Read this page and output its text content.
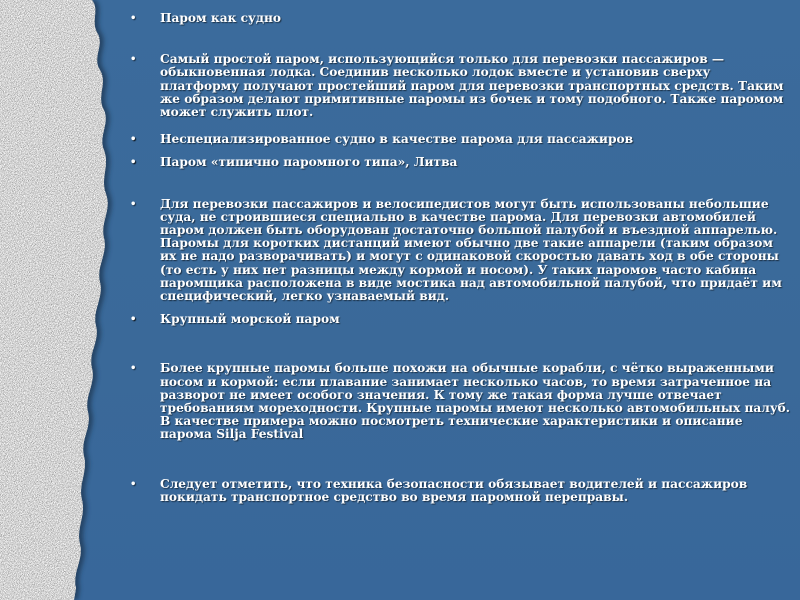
• Паром как судно
• Самый простой паром, использующийся только для перевозки пассажиров — обыкновенная лодка. Соединив несколько лодок вместе и установив сверху платформу получают простейший паром для перевозки транспортных средств. Таким же образом делают примитивные паромы из бочек и тому подобного. Также паромом может служить плот.
• Неспециализированное судно в качестве парома для пассажиров
• Паром «типично паромного типа», Литва
• Для перевозки пассажиров и велосипедистов могут быть использованы небольшие суда, не строившиеся специально в качестве парома. Для перевозки автомобилей паром должен быть оборудован достаточно большой палубой и въездной аппарелью. Паромы для коротких дистанций имеют обычно две такие аппарели (таким образом их не надо разворачивать) и могут с одинаковой скоростью давать ход в обе стороны (то есть у них нет разницы между кормой и носом). У таких паромов часто кабина паромщика расположена в виде мостика над автомобильной палубой, что придаёт им специфический, легко узнаваемый вид.
• Крупный морской паром
• Более крупные паромы больше похожи на обычные корабли, с чётко выраженными носом и кормой: если плавание занимает несколько часов, то время затраченное на разворот не имеет особого значения. К тому же такая форма лучше отвечает требованиям мореходности. Крупные паромы имеют несколько автомобильных палуб. В качестве примера можно посмотреть технические характеристики и описание парома Silja Festival
• Следует отметить, что техника безопасности обязывает водителей и пассажиров покидать транспортное средство во время паромной переправы.
